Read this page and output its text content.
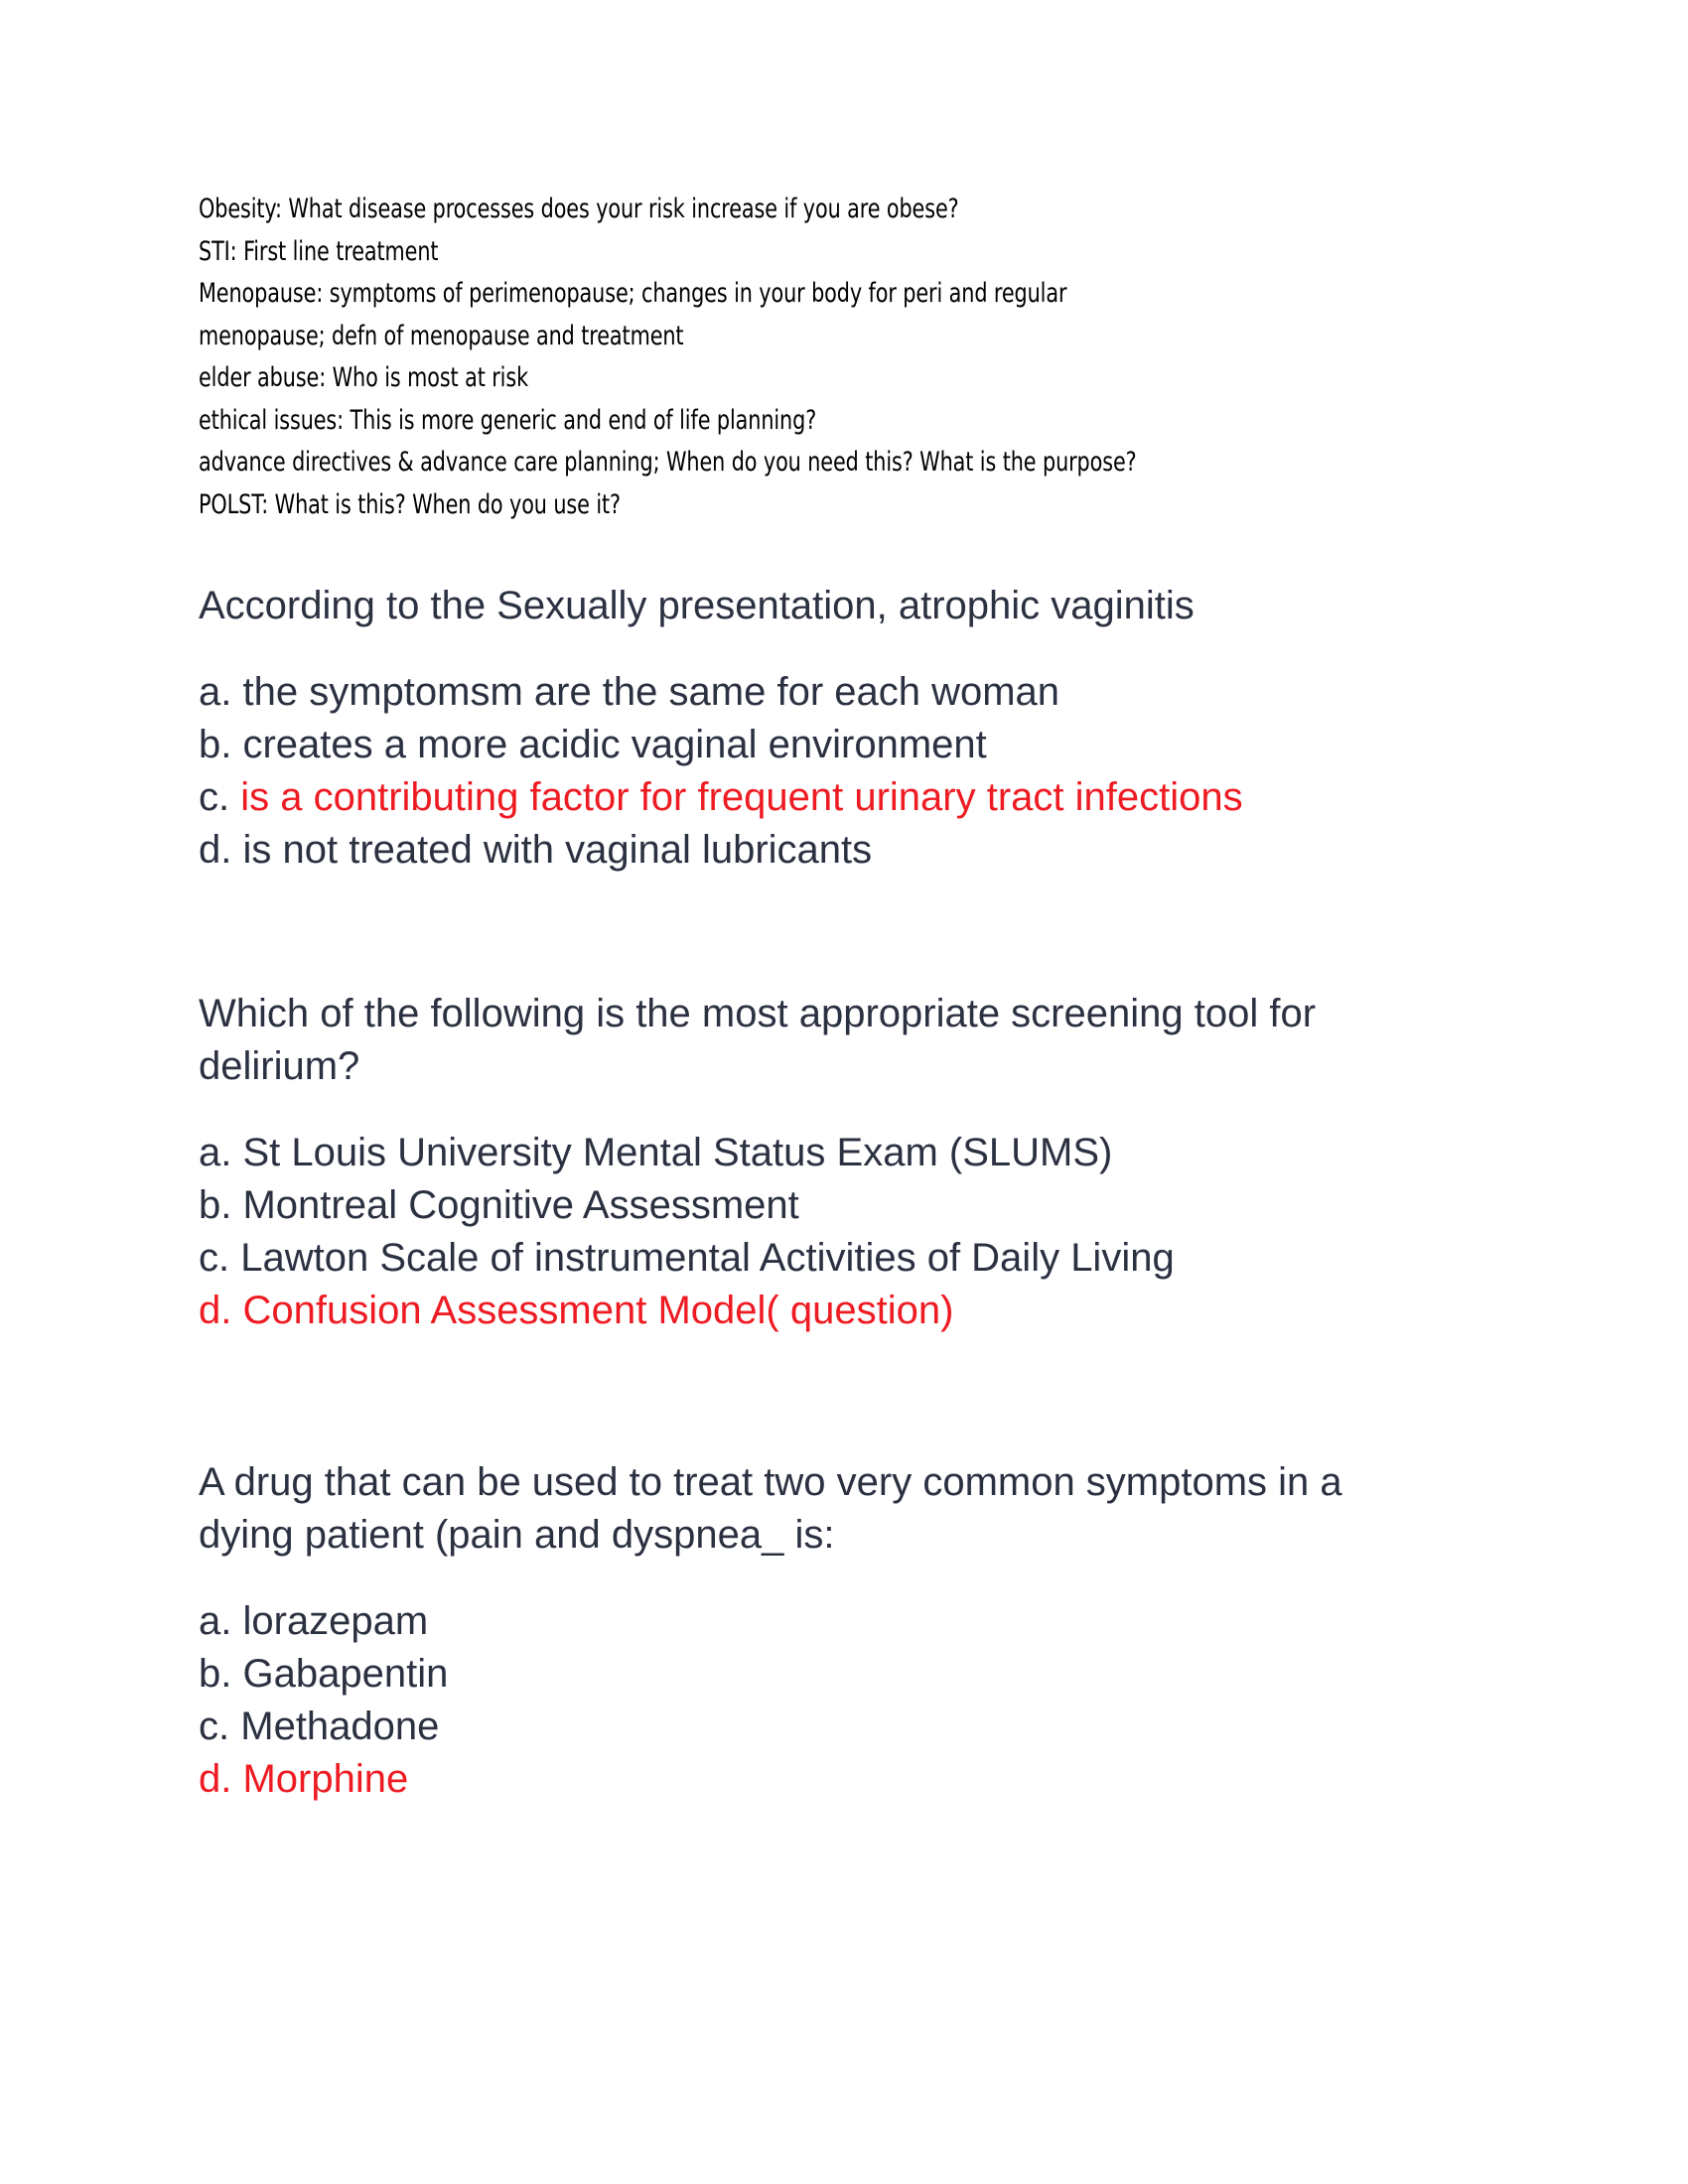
Obesity: What disease processes does your risk increase if you are obese?
STI: First line treatment
Menopause: symptoms of perimenopause; changes in your body for peri and regular
menopause; defn of menopause and treatment
elder abuse: Who is most at risk
ethical issues: This is more generic and end of life planning?
advance directives & advance care planning; When do you need this? What is the purpose?
POLST: What is this? When do you use it?

According to the Sexually presentation, atrophic vaginitis

a. the symptomsm are the same for each woman
b. creates a more acidic vaginal environment
c. is a contributing factor for frequent urinary tract infections
d. is not treated with vaginal lubricants

Which of the following is the most appropriate screening tool for delirium?

a. St Louis University Mental Status Exam (SLUMS)
b. Montreal Cognitive Assessment
c. Lawton Scale of instrumental Activities of Daily Living
d. Confusion Assessment Model( question)

A drug that can be used to treat two very common symptoms in a dying patient (pain and dyspnea_ is:

a. lorazepam
b. Gabapentin
c. Methadone
d. Morphine
